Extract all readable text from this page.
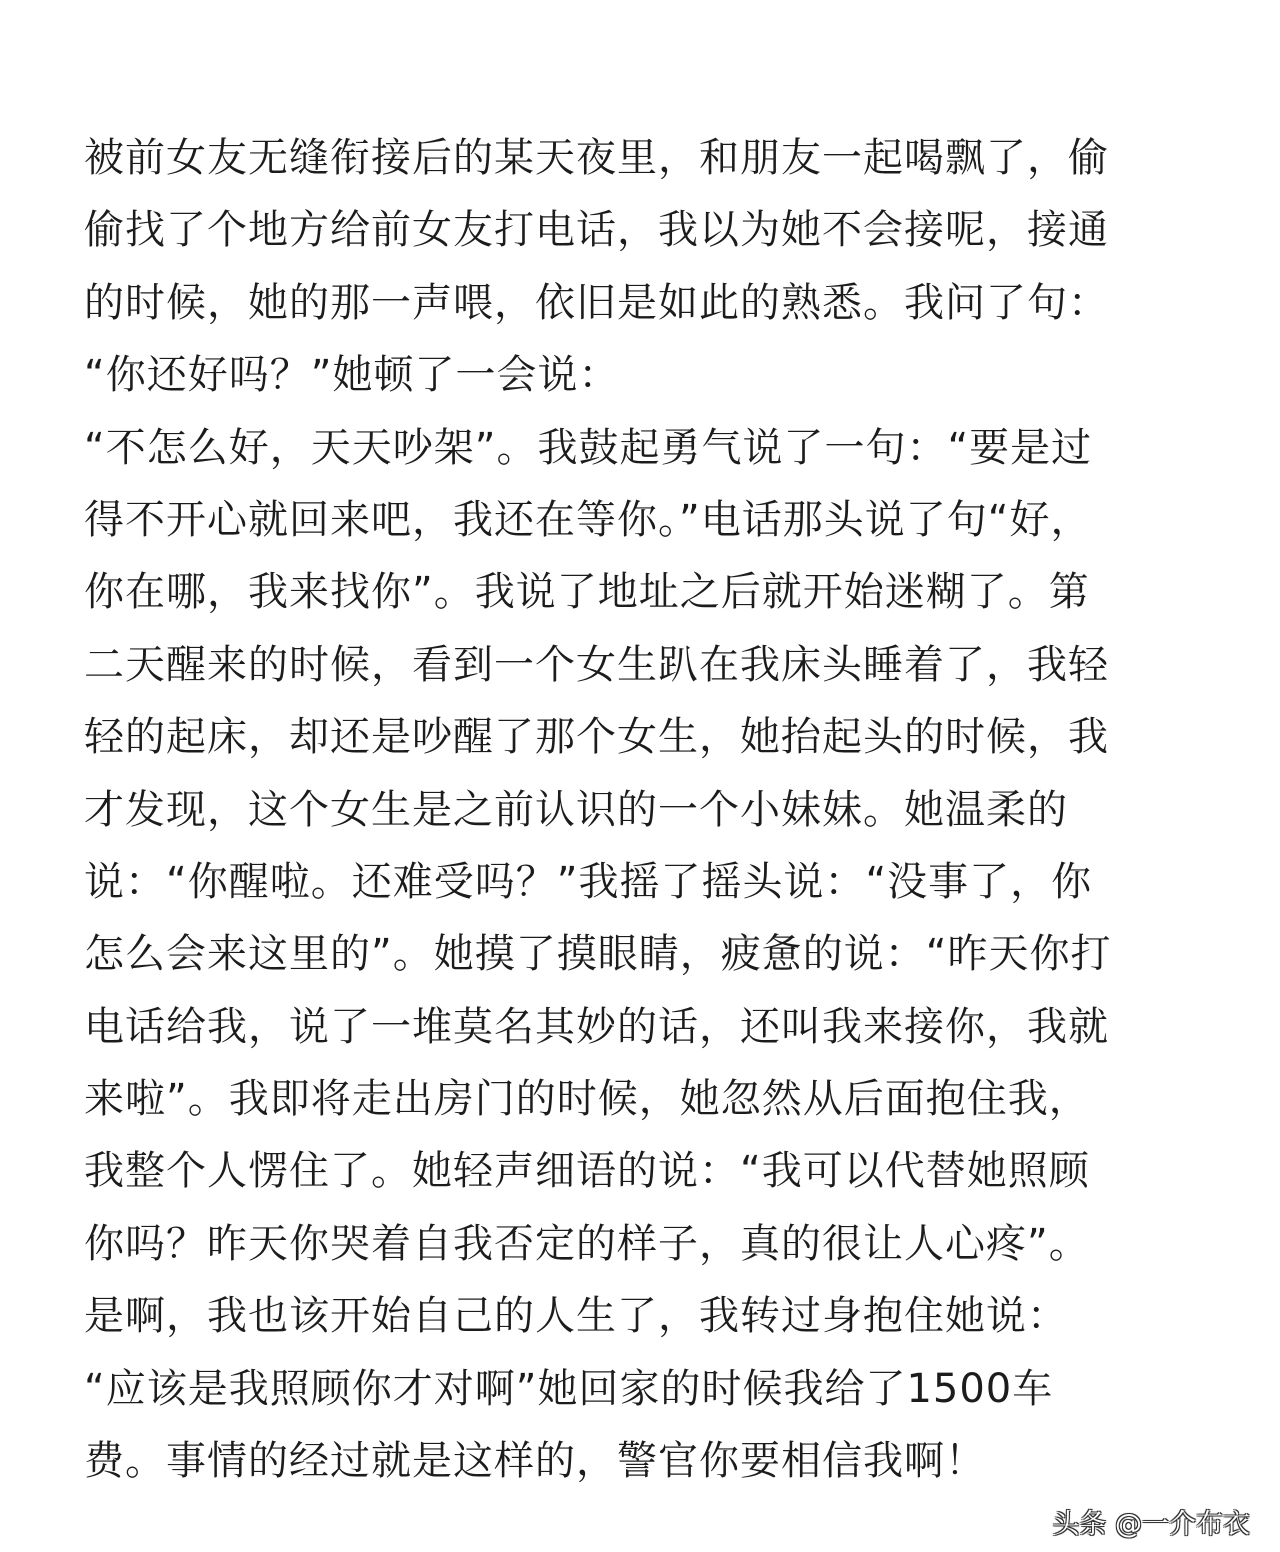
被前女友无缝衔接后的某天夜里，和朋友一起喝飘了，偷
偷找了个地方给前女友打电话，我以为她不会接呢，接通
的时候，她的那一声喂，依旧是如此的熟悉。我问了句：
“你还好吗？”她顿了一会说：
“不怎么好，天天吵架”。我鼓起勇气说了一句：“要是过
得不开心就回来吧，我还在等你。”电话那头说了句“好，
你在哪，我来找你”。我说了地址之后就开始迷糊了。第
二天醒来的时候，看到一个女生趴在我床头睡着了，我轻
轻的起床，却还是吵醒了那个女生，她抬起头的时候，我
才发现，这个女生是之前认识的一个小妹妹。她温柔的
说：“你醒啦。还难受吗？”我摇了摇头说：“没事了，你
怎么会来这里的”。她摸了摸眼睛，疲惫的说：“昨天你打
电话给我，说了一堆莫名其妙的话，还叫我来接你，我就
来啦”。我即将走出房门的时候，她忽然从后面抱住我，
我整个人愣住了。她轻声细语的说：“我可以代替她照顾
你吗？昨天你哭着自我否定的样子，真的很让人心疼”。
是啊，我也该开始自己的人生了，我转过身抱住她说：
“应该是我照顾你才对啊”她回家的时候我给了1500车
费。事情的经过就是这样的，警官你要相信我啊！
头条 @一介布衣
